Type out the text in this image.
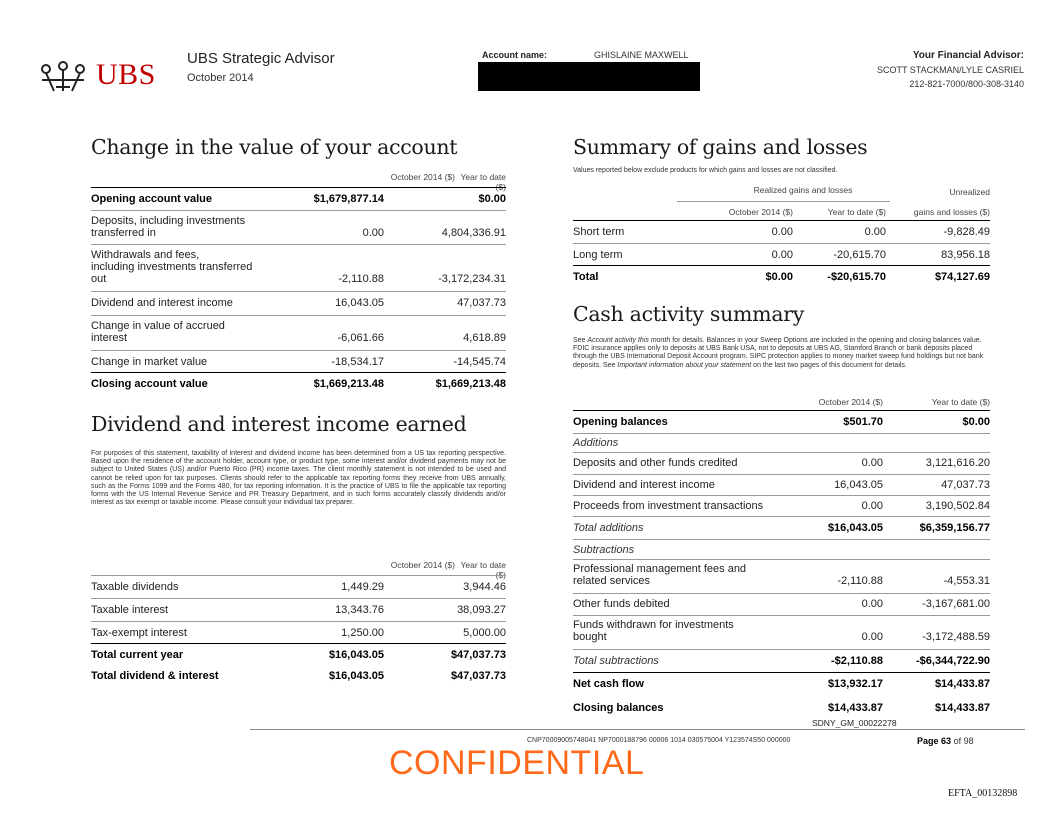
UBS UBS Strategic Advisor
October 2014
Account name:	GHISLAINE MAXWELL	Your Financial Advisor:
SCOTT STACKMAN/LYLE CASRIEL
212-821-7000/800-308-3140
Change in the value of your account
October 2014 ($) Year to date ($)
Opening account value	$1,679,877.14	$0.00
Deposits, including investments
transferred in	0.00	4,804,336.91
Withdrawals and fees,
including investments transferred
out	-2,110.88	-3,172,234.31
Dividend and interest income	16,043.05	47,037.73
Change in value of accrued
interest	-6,061.66	4,618.89
Change in market value	-18,534.17	-14,545.74
Closing account value	$1,669,213.48	$1,669,213.48
Dividend and interest income earned
For purposes of this statement, taxability of interest and dividend income has been determined from a US tax reporting perspective. Based upon the residence of the account holder, account type, or product type, some interest and/or dividend payments may not be subject to United States (US) and/or Puerto Rico (PR) income taxes. The client monthly statement is not intended to be used and cannot be relied upon for tax purposes. Clients should refer to the applicable tax reporting forms they receive from UBS annually, such as the Forms 1099 and the Forms 480, for tax reporting information. It is the practice of UBS to file the applicable tax reporting forms with the US Internal Revenue Service and PR Treasury Department, and in such forms accurately classify dividends and/or interest as tax exempt or taxable income. Please consult your individual tax preparer.
October 2014 ($) Year to date ($)
Taxable dividends	1,449.29	3,944.46
Taxable interest	13,343.76	38,093.27
Tax-exempt interest	1,250.00	5,000.00
Total current year	$16,043.05	$47,037.73
Total dividend & interest	$16,043.05	$47,037.73
Summary of gains and losses
Values reported below exclude products for which gains and losses are not classified.
Realized gains and losses	Unrealized
October 2014 ($)	Year to date ($)	gains and losses ($)
Short term	0.00	0.00	-9,828.49
Long term	0.00	-20,615.70	83,956.18
Total	$0.00	-$20,615.70	$74,127.69
Cash activity summary
See Account activity this month for details. Balances in your Sweep Options are included in the opening and closing balances value. FDIC insurance applies only to deposits at UBS Bank USA, not to deposits at UBS AG, Stamford Branch or bank deposits placed through the UBS International Deposit Account program. SIPC protection applies to money market sweep fund holdings but not bank deposits. See Important information about your statement on the last two pages of this document for details.
October 2014 ($)	Year to date ($)
Opening balances	$501.70	$0.00
Additions
Deposits and other funds credited	0.00	3,121,616.20
Dividend and interest income	16,043.05	47,037.73
Proceeds from investment transactions	0.00	3,190,502.84
Total additions	$16,043.05	$6,359,156.77
Subtractions
Professional management fees and
related services	-2,110.88	-4,553.31
Other funds debited	0.00	-3,167,681.00
Funds withdrawn for investments
bought	0.00	-3,172,488.59
Total subtractions	-$2,110.88	-$6,344,722.90
Net cash flow	$13,932.17	$14,433.87
Closing balances	$14,433.87	$14,433.87
SDNY_GM_00022278
CNP70009005748041 NP7000188796 00006 1014 030575004 Y123574S50 000000	Page 63 of 98
CONFIDENTIAL
EFTA_00132898
